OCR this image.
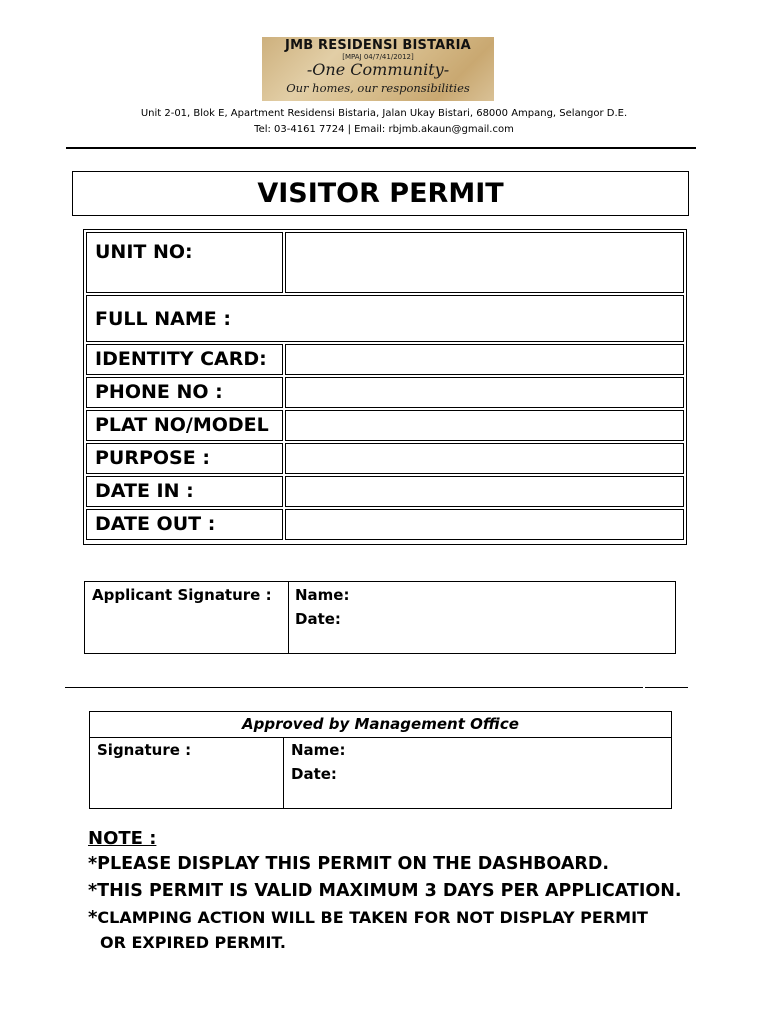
JMB RESIDENSI BISTARIA
[MPAJ 04/7/41/2012]
-One Community-
Our homes, our responsibilities
Unit 2-01, Blok E, Apartment Residensi Bistaria, Jalan Ukay Bistari, 68000 Ampang, Selangor D.E.
Tel: 03-4161 7724 | Email: rbjmb.akaun@gmail.com
VISITOR PERMIT
UNIT NO:
FULL NAME :
IDENTITY CARD:
PHONE NO :
PLAT NO/MODEL
PURPOSE :
DATE IN :
DATE OUT :
Applicant Signature : Name:
Date:
Approved by Management Office
Signature :	Name:
Date:
NOTE :
*PLEASE DISPLAY THIS PERMIT ON THE DASHBOARD.
*THIS PERMIT IS VALID MAXIMUM 3 DAYS PER APPLICATION.
*CLAMPING ACTION WILL BE TAKEN FOR NOT DISPLAY PERMIT
OR EXPIRED PERMIT.
